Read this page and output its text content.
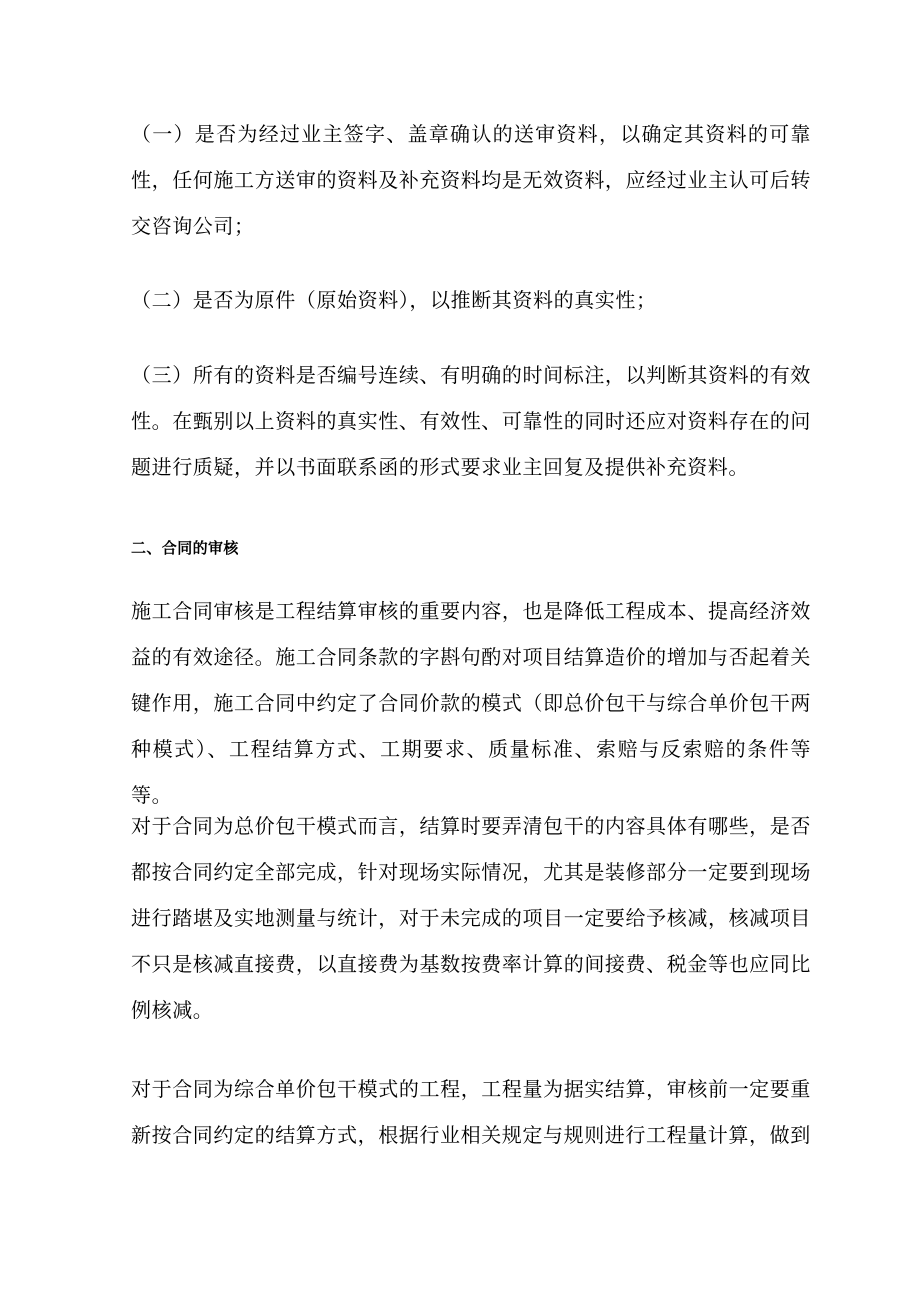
（一）是否为经过业主签字、盖章确认的送审资料，以确定其资料的可靠性，任何施工方送审的资料及补充资料均是无效资料，应经过业主认可后转交咨询公司；

（二）是否为原件（原始资料），以推断其资料的真实性；

（三）所有的资料是否编号连续、有明确的时间标注，以判断其资料的有效性。在甄别以上资料的真实性、有效性、可靠性的同时还应对资料存在的问题进行质疑，并以书面联系函的形式要求业主回复及提供补充资料。

二、合同的审核

施工合同审核是工程结算审核的重要内容，也是降低工程成本、提高经济效益的有效途径。施工合同条款的字斟句酌对项目结算造价的增加与否起着关键作用，施工合同中约定了合同价款的模式（即总价包干与综合单价包干两种模式）、工程结算方式、工期要求、质量标准、索赔与反索赔的条件等等。

对于合同为总价包干模式而言，结算时要弄清包干的内容具体有哪些，是否都按合同约定全部完成，针对现场实际情况，尤其是装修部分一定要到现场进行踏堪及实地测量与统计，对于未完成的项目一定要给予核减，核减项目不只是核减直接费，以直接费为基数按费率计算的间接费、税金等也应同比例核减。

对于合同为综合单价包干模式的工程，工程量为据实结算，审核前一定要重新按合同约定的结算方式，根据行业相关规定与规则进行工程量计算，做到
